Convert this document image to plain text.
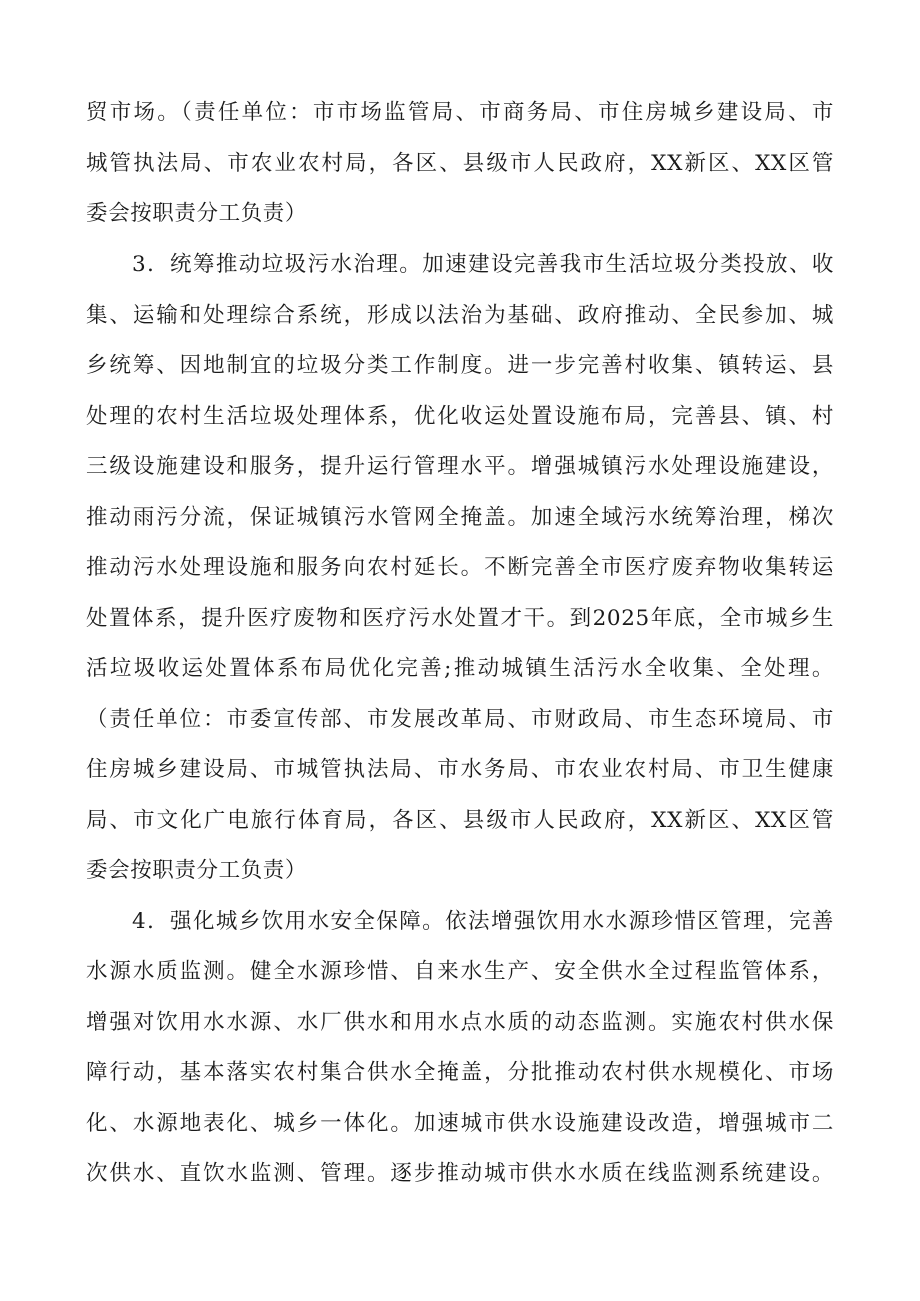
贸市场。（责任单位：市市场监管局、市商务局、市住房城乡建设局、市
城管执法局、市农业农村局，各区、县级市人民政府，XX新区、XX区管
委会按职责分工负责）
3．统筹推动垃圾污水治理。加速建设完善我市生活垃圾分类投放、收
集、运输和处理综合系统，形成以法治为基础、政府推动、全民参加、城
乡统筹、因地制宜的垃圾分类工作制度。进一步完善村收集、镇转运、县
处理的农村生活垃圾处理体系，优化收运处置设施布局，完善县、镇、村
三级设施建设和服务，提升运行管理水平。增强城镇污水处理设施建设，
推动雨污分流，保证城镇污水管网全掩盖。加速全域污水统筹治理，梯次
推动污水处理设施和服务向农村延长。不断完善全市医疗废弃物收集转运
处置体系，提升医疗废物和医疗污水处置才干。到2025年底，全市城乡生
活垃圾收运处置体系布局优化完善;推动城镇生活污水全收集、全处理。
（责任单位：市委宣传部、市发展改革局、市财政局、市生态环境局、市
住房城乡建设局、市城管执法局、市水务局、市农业农村局、市卫生健康
局、市文化广电旅行体育局，各区、县级市人民政府，XX新区、XX区管
委会按职责分工负责）
4．强化城乡饮用水安全保障。依法增强饮用水水源珍惜区管理，完善
水源水质监测。健全水源珍惜、自来水生产、安全供水全过程监管体系，
增强对饮用水水源、水厂供水和用水点水质的动态监测。实施农村供水保
障行动，基本落实农村集合供水全掩盖，分批推动农村供水规模化、市场
化、水源地表化、城乡一体化。加速城市供水设施建设改造，增强城市二
次供水、直饮水监测、管理。逐步推动城市供水水质在线监测系统建设。
